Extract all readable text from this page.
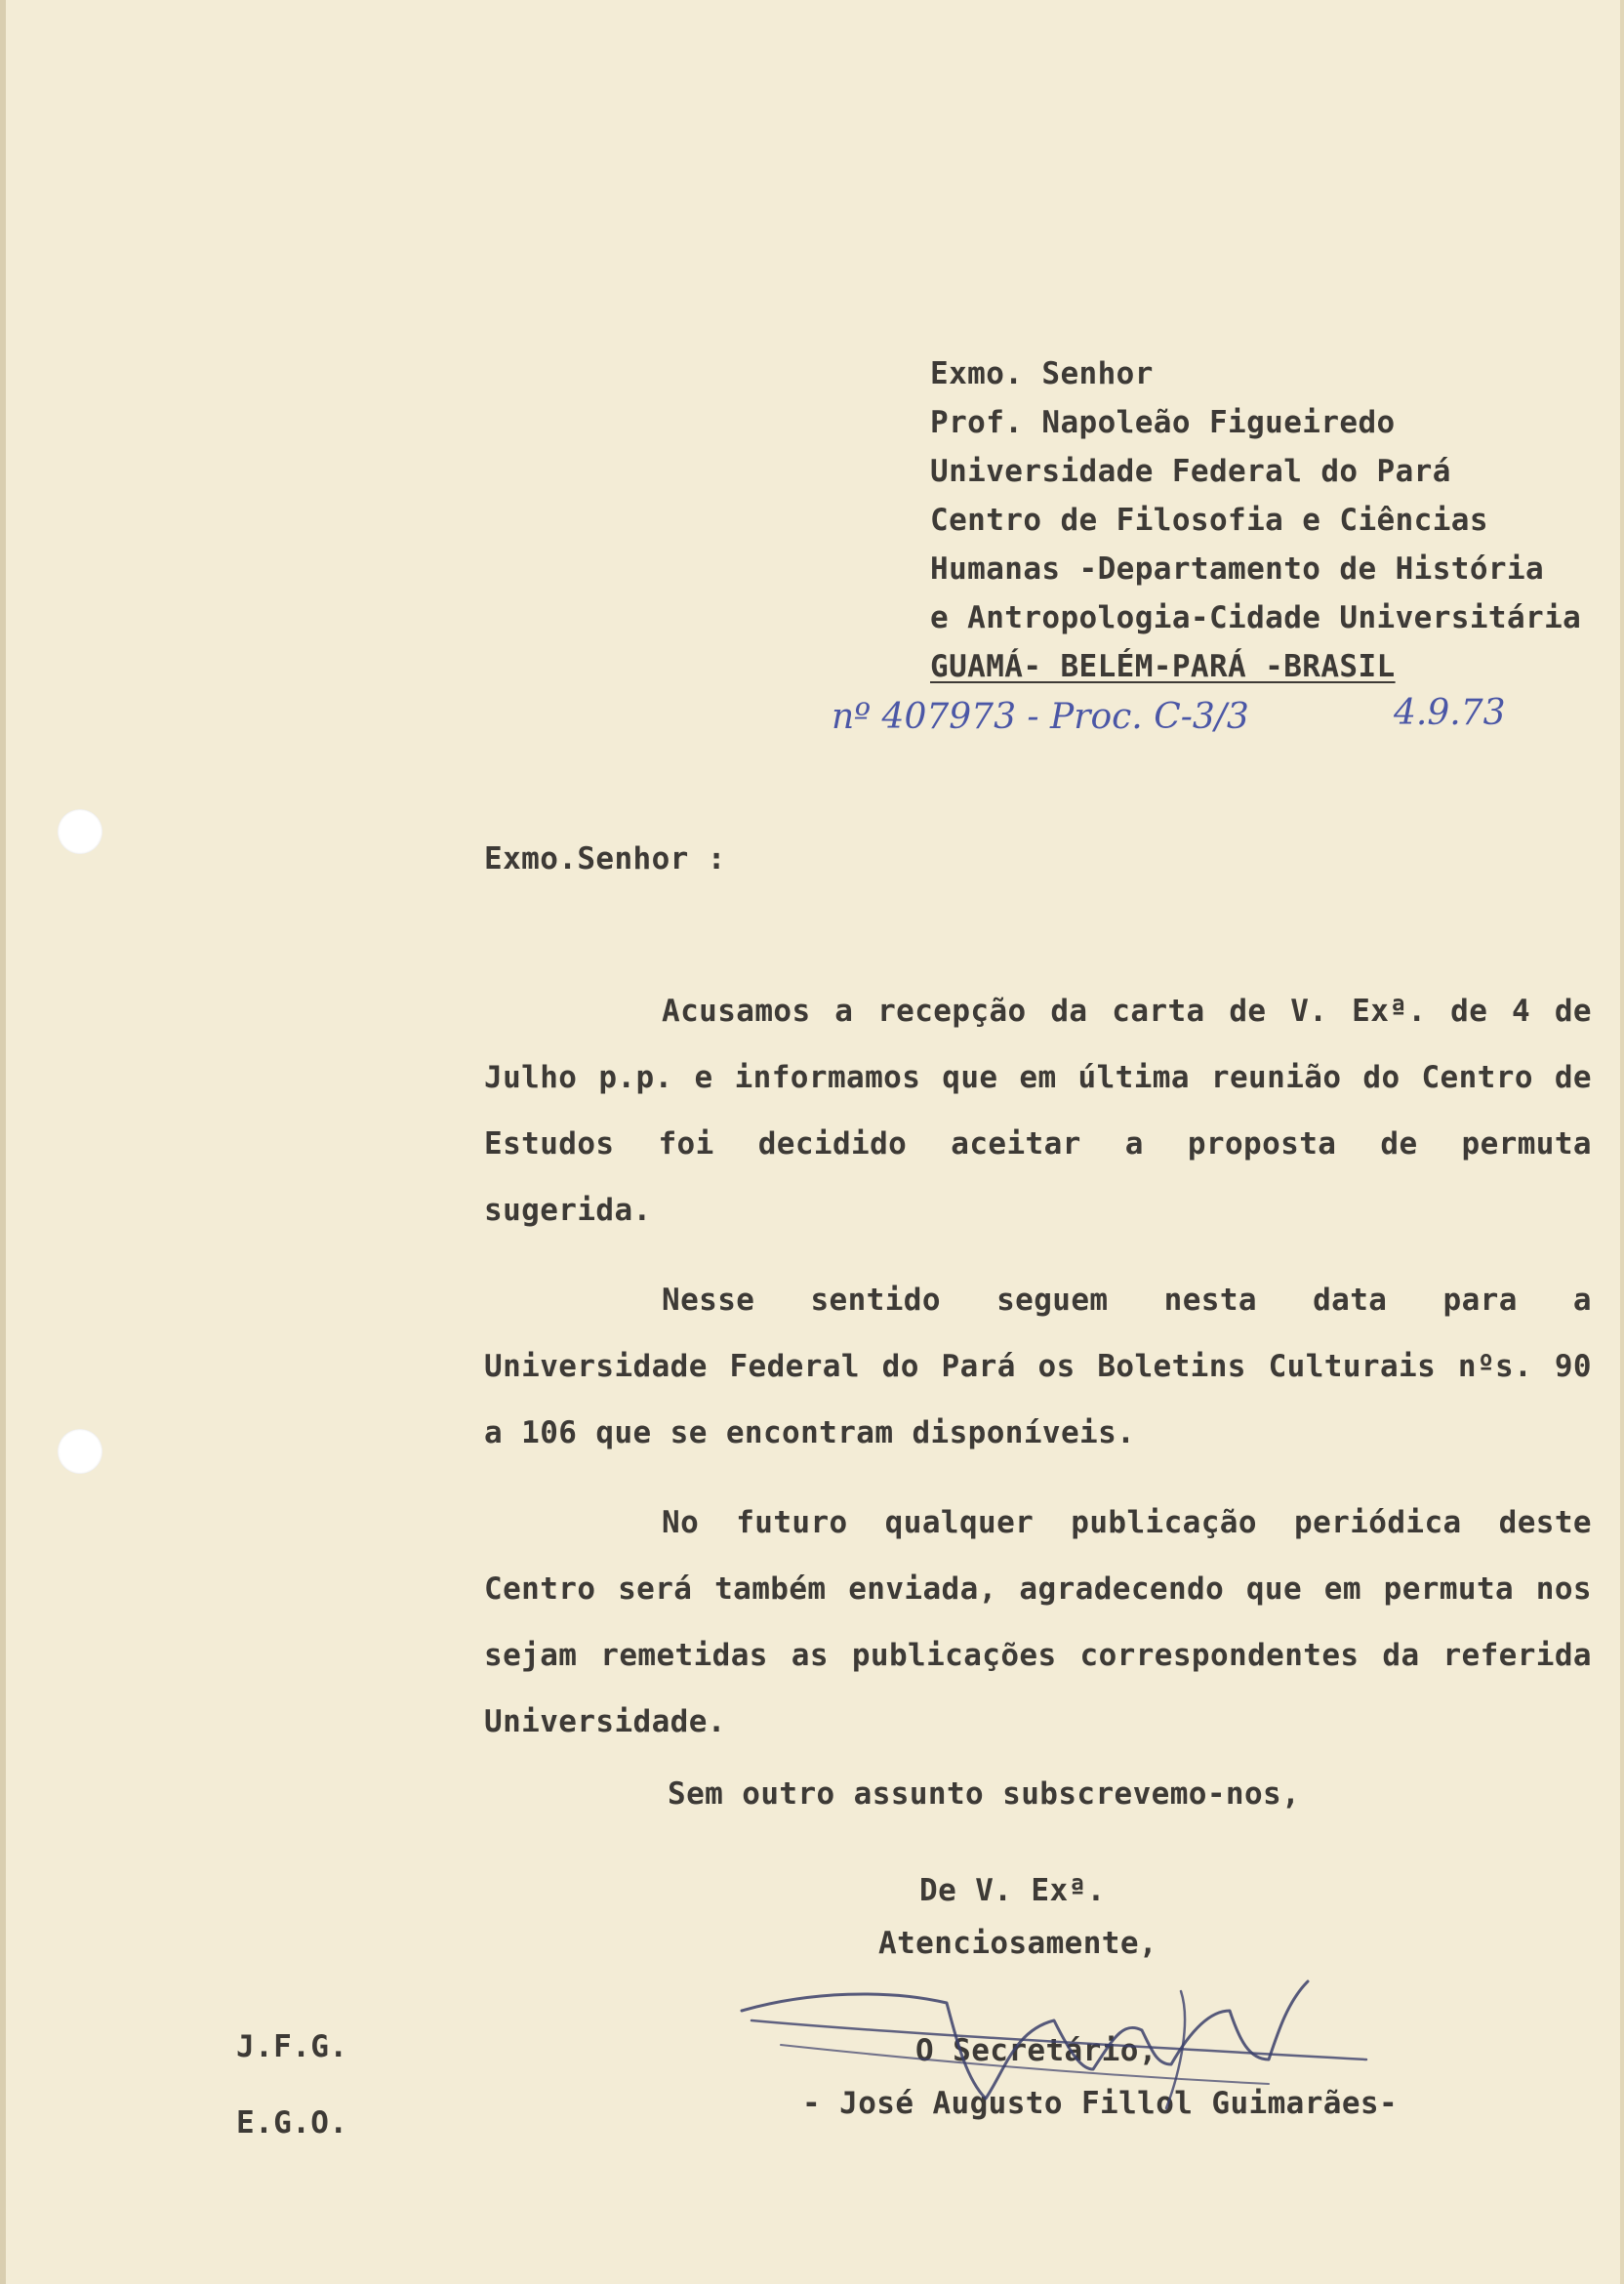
Exmo. Senhor
Prof. Napoleão Figueiredo
Universidade Federal do Pará
Centro de Filosofia e Ciências
Humanas -Departamento de História
e Antropologia-Cidade Universitária
GUAMÁ- BELÉM-PARÁ -BRASIL
nº 407973 - Proc. C-3/3	4.9.73
Exmo.Senhor :

Acusamos a recepção da carta de V. Exª. de 4 de Julho p.p. e informamos que em última reunião do Centro de Estudos foi decidido aceitar a proposta de permuta sugerida.

Nesse sentido seguem nesta data para a Universidade Federal do Pará os Boletins Culturais nºs. 90 a 106 que se encontram disponíveis.

No futuro qualquer publicação periódica deste Centro será também enviada, agradecendo que em permuta nos sejam remetidas as publicações correspondentes da referida Universidade.

Sem outro assunto subscrevemo-nos,
De V. Exª.
Atenciosamente,
O Secretário,
- José Augusto Fillol Guimarães-
J.F.G.
E.G.O.
